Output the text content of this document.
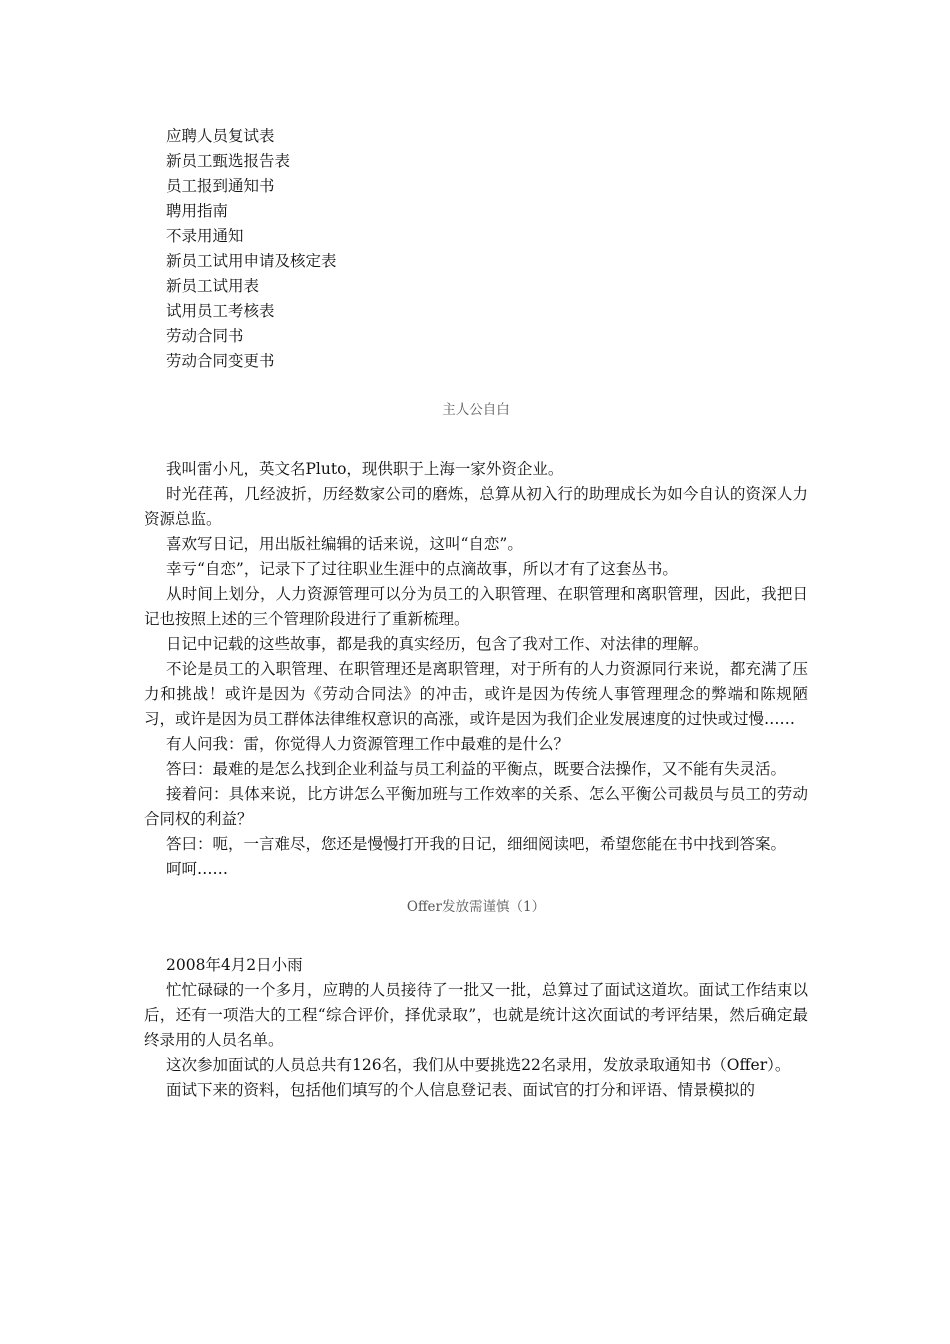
应聘人员复试表

新员工甄选报告表

员工报到通知书

聘用指南

不录用通知

新员工试用申请及核定表

新员工试用表

试用员工考核表

劳动合同书

劳动合同变更书

主人公自白

我叫雷小凡，英文名Pluto，现供职于上海一家外资企业。

时光荏苒，几经波折，历经数家公司的磨炼，总算从初入行的助理成长为如今自认的资深人力资源总监。

喜欢写日记，用出版社编辑的话来说，这叫“自恋”。

幸亏“自恋”，记录下了过往职业生涯中的点滴故事，所以才有了这套丛书。

从时间上划分，人力资源管理可以分为员工的入职管理、在职管理和离职管理，因此，我把日记也按照上述的三个管理阶段进行了重新梳理。

日记中记载的这些故事，都是我的真实经历，包含了我对工作、对法律的理解。

不论是员工的入职管理、在职管理还是离职管理，对于所有的人力资源同行来说，都充满了压力和挑战！或许是因为《劳动合同法》的冲击，或许是因为传统人事管理理念的弊端和陈规陋习，或许是因为员工群体法律维权意识的高涨，或许是因为我们企业发展速度的过快或过慢……

有人问我：雷，你觉得人力资源管理工作中最难的是什么？

答曰：最难的是怎么找到企业利益与员工利益的平衡点，既要合法操作，又不能有失灵活。

接着问：具体来说，比方讲怎么平衡加班与工作效率的关系、怎么平衡公司裁员与员工的劳动合同权的利益？

答曰：呃，一言难尽，您还是慢慢打开我的日记，细细阅读吧，希望您能在书中找到答案。

呵呵……

Offer发放需谨慎（1）

2008年4月2日小雨

忙忙碌碌的一个多月，应聘的人员接待了一批又一批，总算过了面试这道坎。面试工作结束以后，还有一项浩大的工程“综合评价，择优录取”，也就是统计这次面试的考评结果，然后确定最终录用的人员名单。

这次参加面试的人员总共有126名，我们从中要挑选22名录用，发放录取通知书（Offer）。

面试下来的资料，包括他们填写的个人信息登记表、面试官的打分和评语、情景模拟的
